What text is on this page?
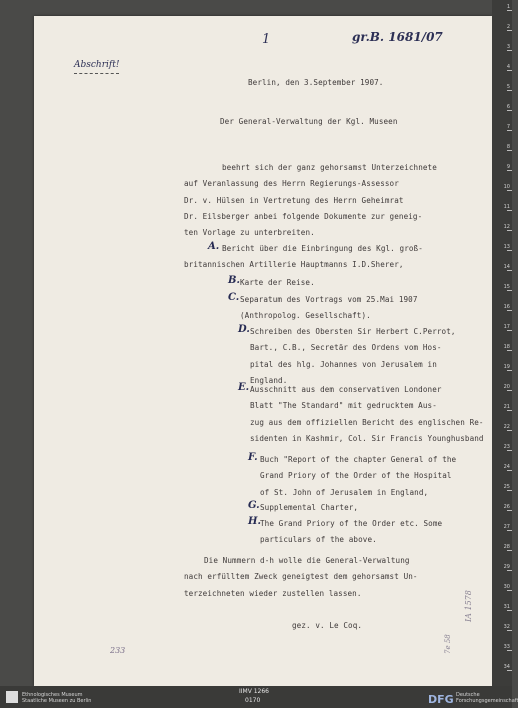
Abschrift!
1	gr.B. 1681/07
Berlin, den 3.September 1907.
Der General-Verwaltung der Kgl. Museen
beehrt sich der ganz gehorsamst Unterzeichnete
auf Veranlassung des Herrn Regierungs-Assessor
Dr. v. Hülsen in Vertretung des Herrn Geheimrat
Dr. Eilsberger anbei folgende Dokumente zur geneig-
ten Vorlage zu unterbreiten.
A. Bericht über die Einbringung des Kgl. groß-
britannischen Artillerie Hauptmanns I.D.Sherer,
B. Karte der Reise.
C. Separatum des Vortrags vom 25.Mai 1907
(Anthropolog. Gesellschaft).
D. Schreiben des Obersten Sir Herbert C.Perrot,
Bart., C.B., Secretär des Ordens vom Hos-
pital des hlg. Johannes von Jerusalem in
England.
E. Ausschnitt aus dem conservativen Londoner
Blatt "The Standard" mit gedrucktem Aus-
zug aus dem offiziellen Bericht des englischen Re-
sidenten in Kashmir, Col. Sir Francis Younghusband
F. Buch "Report of the chapter General of the
Grand Priory of the Order of the Hospital
of St. John of Jerusalem in England,
G. Supplemental Charter,
H. The Grand Priory of the Order etc. Some
particulars of the above.
Die Nummern d-h wolle die General-Verwaltung
nach erfülltem Zweck geneigtest dem gehorsamst Un-
terzeichneten wieder zustellen lassen.
gez. v. Le Coq.
233
IA 1578
7e 58
1
2
3
4
5
6
7
8
9
10
11
12
13
14
15
16
17
18
19
20
21
22
23
24
25
26
27
28
29
30
31
32
33
34
Ethnologisches Museum
Staatliche Museen zu Berlin
IIMV 1266
0170	DFG Deutsche
Forschungsgemeinschaft
